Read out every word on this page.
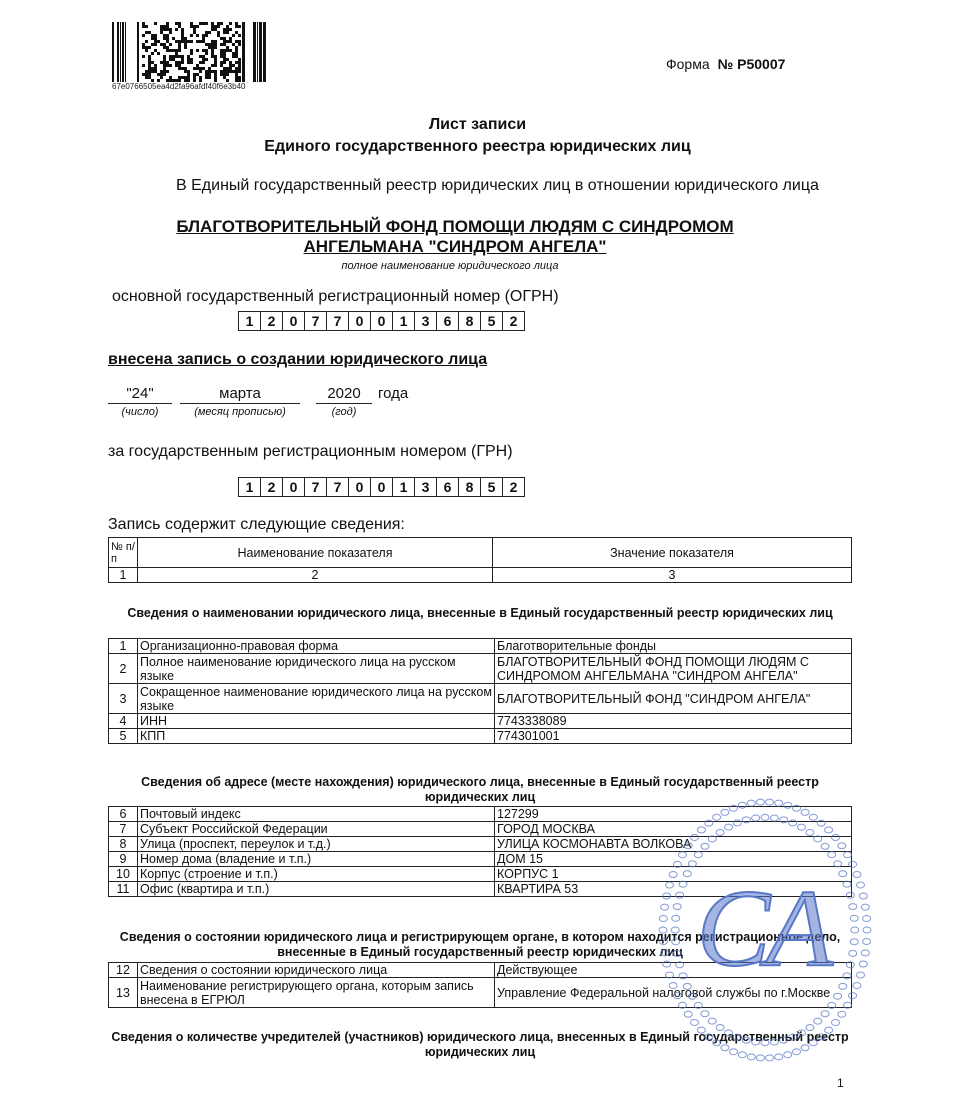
67e0766505ea4d2fa96afdf40f6e3b40
Форма № Р50007
Лист записи
Единого государственного реестра юридических лиц
В Единый государственный реестр юридических лиц в отношении юридического лица
БЛАГОТВОРИТЕЛЬНЫЙ ФОНД ПОМОЩИ ЛЮДЯМ С СИНДРОМОМ
АНГЕЛЬМАНА "СИНДРОМ АНГЕЛА"
полное наименование юридического лица
основной государственный регистрационный номер (ОГРН)
1	2	0	7	7	0	0	1	3	6	8	5	2
внесена запись о создании юридического лица
"24"
(число)
марта
(месяц прописью)
2020
(год)
года
за государственным регистрационным номером (ГРН)
1	2	0	7	7	0	0	1	3	6	8	5	2
Запись содержит следующие сведения:
№ п/п	Наименование показателя	Значение показателя
1	2	3
Сведения о наименовании юридического лица, внесенные в Единый государственный реестр юридических лиц
1	Организационно-правовая форма	Благотворительные фонды
2	Полное наименование юридического лица на русском языке	БЛАГОТВОРИТЕЛЬНЫЙ ФОНД ПОМОЩИ ЛЮДЯМ С СИНДРОМОМ АНГЕЛЬМАНА "СИНДРОМ АНГЕЛА"
3	Сокращенное наименование юридического лица на русском языке	БЛАГОТВОРИТЕЛЬНЫЙ ФОНД "СИНДРОМ АНГЕЛА"
4	ИНН	7743338089
5	КПП	774301001
Сведения об адресе (месте нахождения) юридического лица, внесенные в Единый государственный реестр юридических лиц
6	Почтовый индекс	127299
7	Субъект Российской Федерации	ГОРОД МОСКВА
8	Улица (проспект, переулок и т.д.)	УЛИЦА КОСМОНАВТА ВОЛКОВА
9	Номер дома (владение и т.п.)	ДОМ 15
10	Корпус (строение и т.п.)	КОРПУС 1
11	Офис (квартира и т.п.)	КВАРТИРА 53
Сведения о состоянии юридического лица и регистрирующем органе, в котором находится регистрационное дело, внесенные в Единый государственный реестр юридических лиц
12	Сведения о состоянии юридического лица	Действующее
13	Наименование регистрирующего органа, которым запись внесена в ЕГРЮЛ	Управление Федеральной налоговой службы по г.Москве
Сведения о количестве учредителей (участников) юридического лица, внесенных в Единый государственный реестр юридических лиц
СА
1
